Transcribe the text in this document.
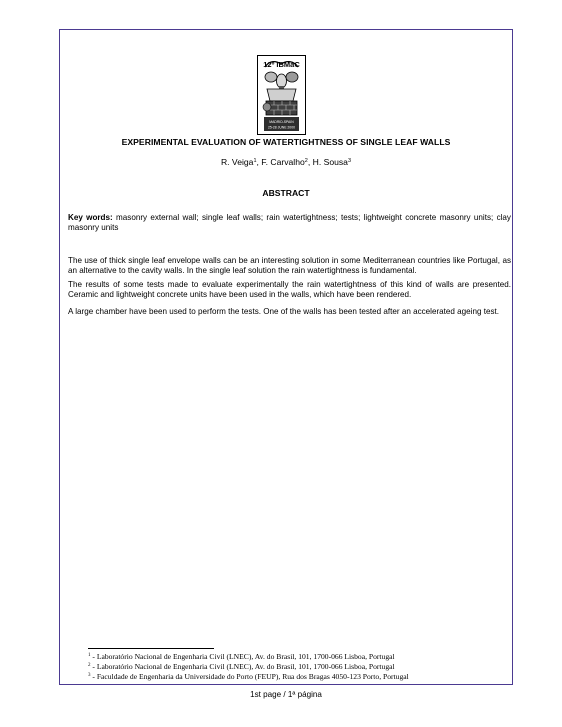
12º IBMaC
MADRID-SPAIN
25-28 JUNE 2000
EXPERIMENTAL EVALUATION OF WATERTIGHTNESS OF SINGLE LEAF WALLS
R. Veiga$^1$, F. Carvalho$^2$, H. Sousa$^3$
ABSTRACT
Key words: masonry external wall; single leaf walls; rain watertightness; tests; lightweight concrete masonry units; clay masonry units
The use of thick single leaf envelope walls can be an interesting solution in some Mediterranean countries like Portugal, as an alternative to the cavity walls. In the single leaf solution the rain watertightness is fundamental.
The results of some tests made to evaluate experimentally the rain watertightness of this kind of walls are presented. Ceramic and lightweight concrete units have been used in the walls, which have been rendered.
A large chamber have been used to perform the tests. One of the walls has been tested after an accelerated ageing test.
$^1$ - Laboratório Nacional de Engenharia Civil (LNEC), Av. do Brasil, 101, 1700-066 Lisboa, Portugal
$^2$ - Laboratório Nacional de Engenharia Civil (LNEC), Av. do Brasil, 101, 1700-066 Lisboa, Portugal
$^3$ - Faculdade de Engenharia da Universidade do Porto (FEUP), Rua dos Bragas 4050-123 Porto, Portugal
1st page / 1ª página
